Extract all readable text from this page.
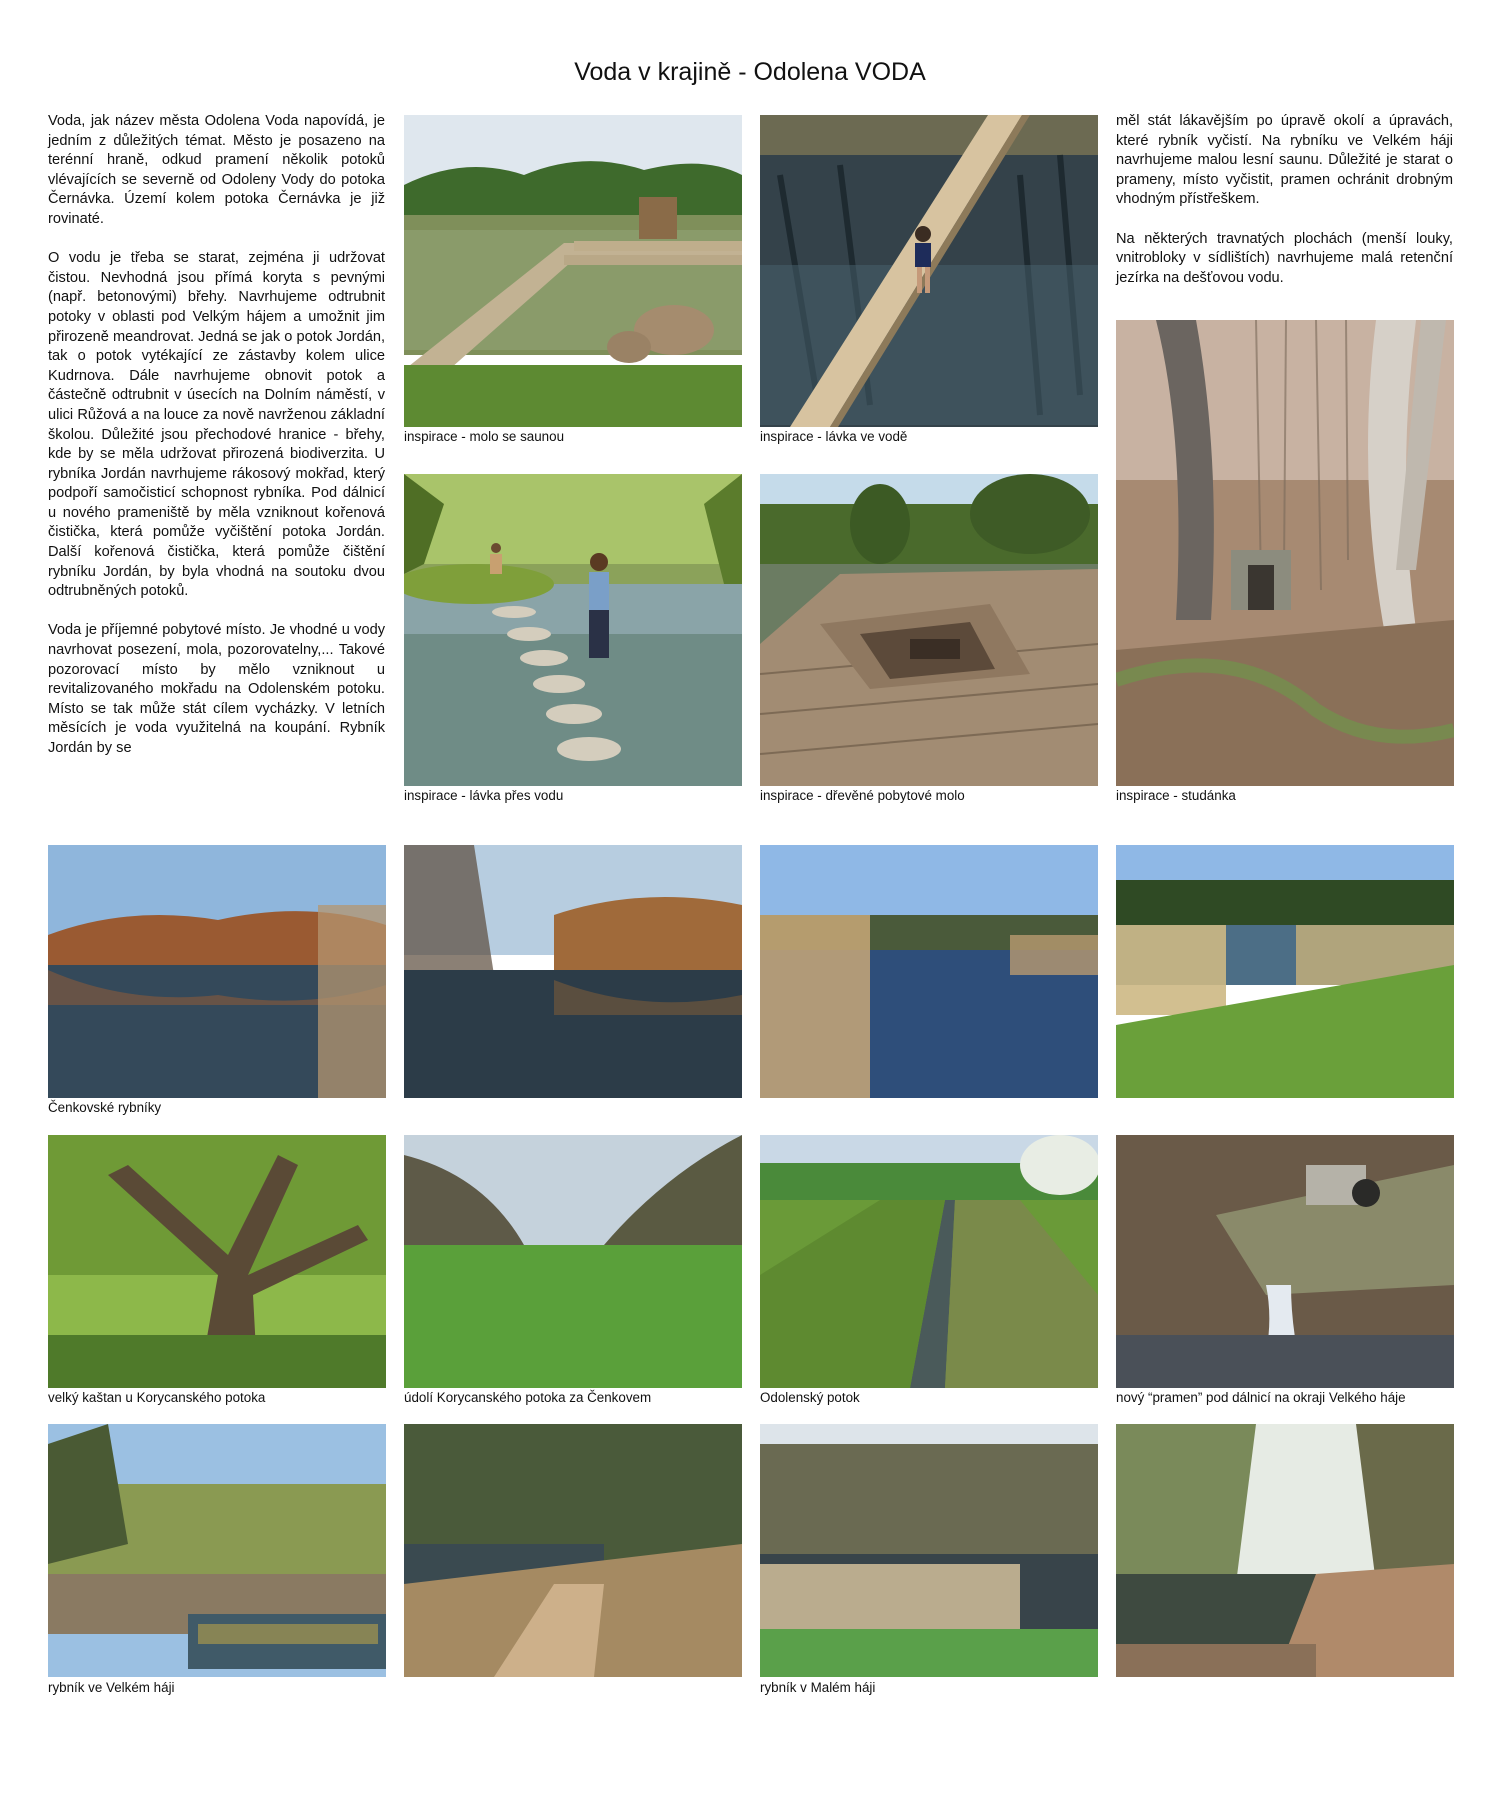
Voda v krajině - Odolena VODA

Voda, jak název města Odolena Voda napovídá, je jedním z důležitých témat. Město je posazeno na terénní hraně, odkud pramení několik potoků vlévajících se severně od Odoleny Vody do potoka Černávka. Území kolem potoka Černávka je již rovinaté.

O vodu je třeba se starat, zejména ji udržovat čistou. Nevhodná jsou přímá koryta s pevnými (např. betonovými) břehy. Navrhujeme odtrubnit potoky v oblasti pod Velkým hájem a umožnit jim přirozeně meandrovat. Jedná se jak o potok Jordán, tak o potok vytékající ze zástavby kolem ulice Kudrnova. Dále navrhujeme obnovit potok a částečně odtrubnit v úsecích na Dolním náměstí, v ulici Růžová a na louce za nově navrženou základní školou. Důležité jsou přechodové hranice - břehy, kde by se měla udržovat přirozená biodiverzita. U rybníka Jordán navrhujeme rákosový mokřad, který podpoří samočisticí schopnost rybníka. Pod dálnicí u nového prameniště by měla vzniknout kořenová čistička, která pomůže vyčištění potoka Jordán. Další kořenová čistička, která pomůže čištění rybníku Jordán, by byla vhodná na soutoku dvou odtrubněných potoků.

Voda je příjemné pobytové místo. Je vhodné u vody navrhovat posezení, mola, pozorovatelny,... Takové pozorovací místo by mělo vzniknout u revitalizovaného mokřadu na Odolenském potoku. Místo se tak může stát cílem vycházky. V letních měsících je voda využitelná na koupání. Rybník Jordán by se

měl stát lákavějším po úpravě okolí a úpravách, které rybník vyčistí. Na rybníku ve Velkém háji navrhujeme malou lesní saunu. Důležité je starat o prameny, místo vyčistit, pramen ochránit drobným vhodným přístřeškem.

Na některých travnatých plochách (menší louky, vnitrobloky v sídlištích) navrhujeme malá retenční jezírka na dešťovou vodu.

inspirace - molo se saunou	inspirace - lávka ve vodě
inspirace - lávka přes vodu	inspirace - dřevěné pobytové molo	inspirace - studánka
Čenkovské rybníky
velký kaštan u Korycanského potoka	údolí Korycanského potoka za Čenkovem	Odolenský potok	nový “pramen” pod dálnicí na okraji Velkého háje
rybník ve Velkém háji	rybník v Malém háji
